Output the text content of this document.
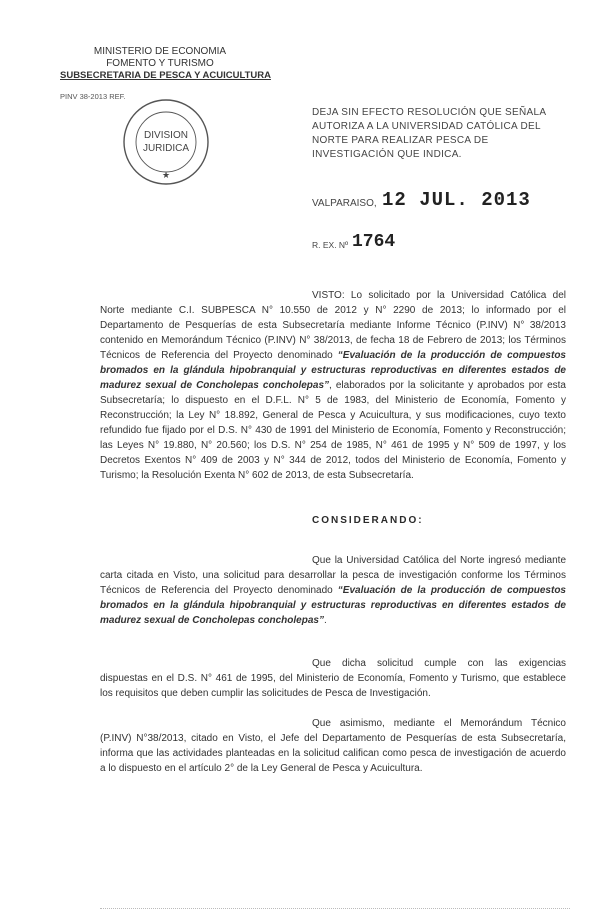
MINISTERIO DE ECONOMIA
FOMENTO Y TURISMO
SUBSECRETARIA DE PESCA Y ACUICULTURA
PINV 38-2013 REF.
DIVISION
JURIDICA
★
DEJA SIN EFECTO RESOLUCIÓN QUE SEÑALA AUTORIZA A LA UNIVERSIDAD CATÓLICA DEL NORTE PARA REALIZAR PESCA DE INVESTIGACIÓN QUE INDICA.
VALPARAISO, 12 JUL. 2013
R. EX. Nº 1764
VISTO: Lo solicitado por la Universidad Católica del Norte mediante C.I. SUBPESCA N° 10.550 de 2012 y N° 2290 de 2013; lo informado por el Departamento de Pesquerías de esta Subsecretaría mediante Informe Técnico (P.INV) N° 38/2013 contenido en Memorándum Técnico (P.INV) N° 38/2013, de fecha 18 de Febrero de 2013; los Términos Técnicos de Referencia del Proyecto denominado “Evaluación de la producción de compuestos bromados en la glándula hipobranquial y estructuras reproductivas en diferentes estados de madurez sexual de Concholepas concholepas”, elaborados por la solicitante y aprobados por esta Subsecretaría; lo dispuesto en el D.F.L. N° 5 de 1983, del Ministerio de Economía, Fomento y Reconstrucción; la Ley N° 18.892, General de Pesca y Acuicultura, y sus modificaciones, cuyo texto refundido fue fijado por el D.S. N° 430 de 1991 del Ministerio de Economía, Fomento y Reconstrucción; las Leyes N° 19.880, N° 20.560; los D.S. N° 254 de 1985, N° 461 de 1995 y N° 509 de 1997, y los Decretos Exentos N° 409 de 2003 y N° 344 de 2012, todos del Ministerio de Economía, Fomento y Turismo; la Resolución Exenta N° 602 de 2013, de esta Subsecretaría.
CONSIDERANDO:
Que la Universidad Católica del Norte ingresó mediante carta citada en Visto, una solicitud para desarrollar la pesca de investigación conforme los Términos Técnicos de Referencia del Proyecto denominado “Evaluación de la producción de compuestos bromados en la glándula hipobranquial y estructuras reproductivas en diferentes estados de madurez sexual de Concholepas concholepas”.
Que dicha solicitud cumple con las exigencias dispuestas en el D.S. N° 461 de 1995, del Ministerio de Economía, Fomento y Turismo, que establece los requisitos que deben cumplir las solicitudes de Pesca de Investigación.
Que asimismo, mediante el Memorándum Técnico (P.INV) N°38/2013, citado en Visto, el Jefe del Departamento de Pesquerías de esta Subsecretaría, informa que las actividades planteadas en la solicitud califican como pesca de investigación de acuerdo a lo dispuesto en el artículo 2° de la Ley General de Pesca y Acuicultura.
